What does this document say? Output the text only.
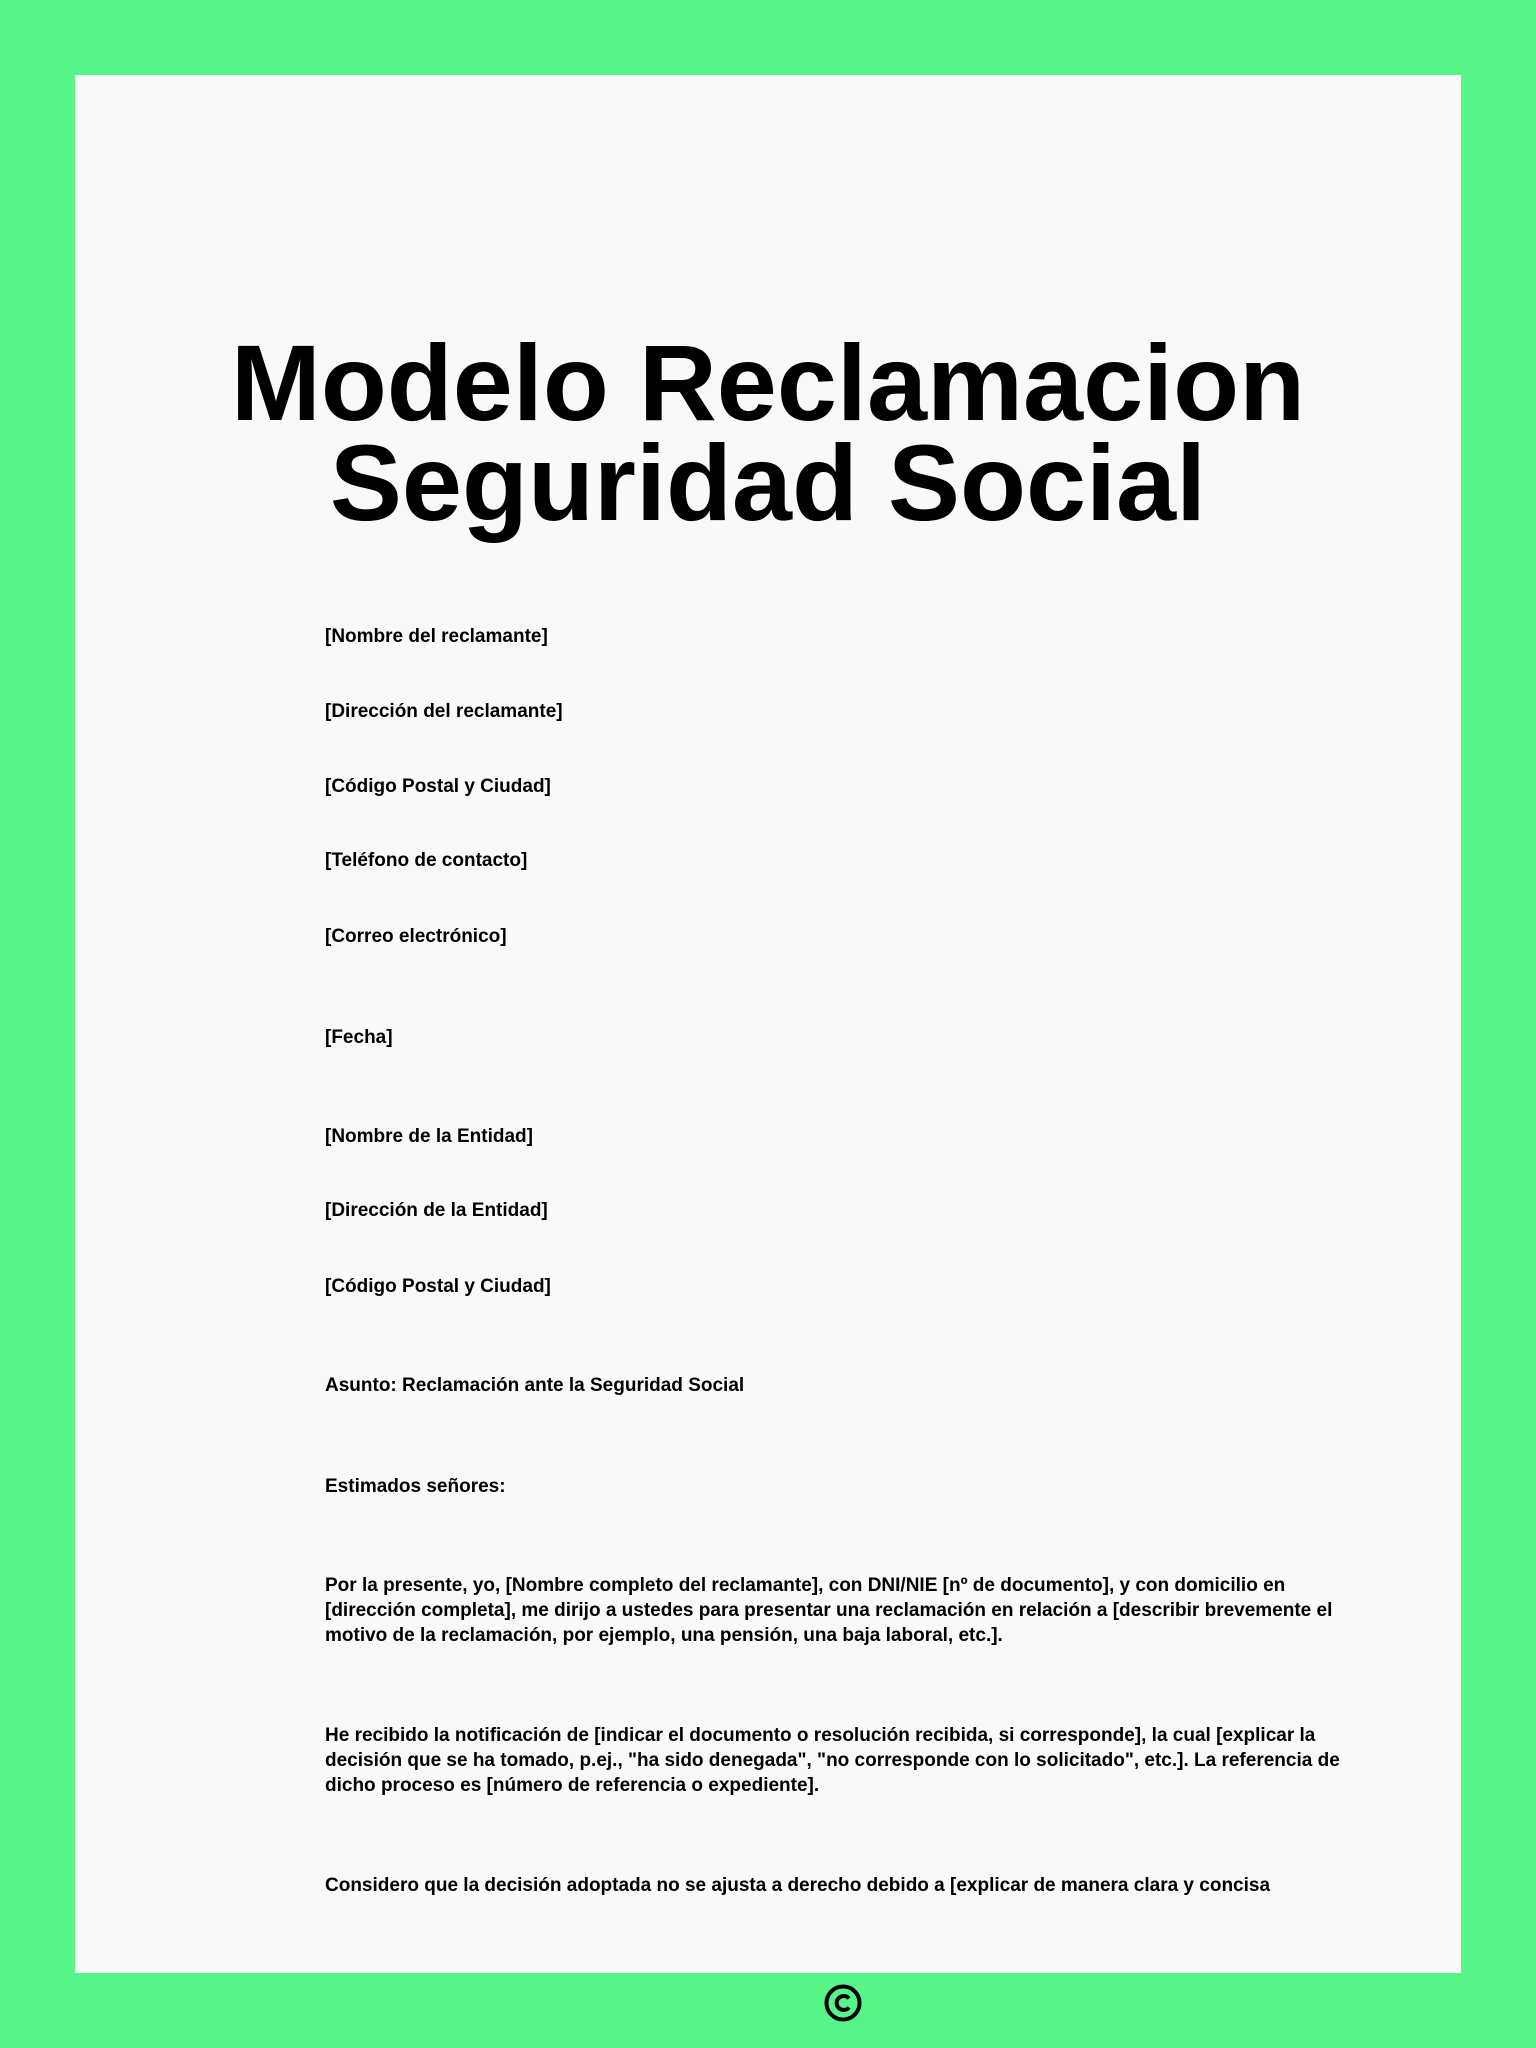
Modelo Reclamacion
Seguridad Social

[Nombre del reclamante]

[Dirección del reclamante]

[Código Postal y Ciudad]

[Teléfono de contacto]

[Correo electrónico]

[Fecha]

[Nombre de la Entidad]

[Dirección de la Entidad]

[Código Postal y Ciudad]

Asunto: Reclamación ante la Seguridad Social

Estimados señores:

Por la presente, yo, [Nombre completo del reclamante], con DNI/NIE [nº de documento], y con domicilio en [dirección completa], me dirijo a ustedes para presentar una reclamación en relación a [describir brevemente el motivo de la reclamación, por ejemplo, una pensión, una baja laboral, etc.].

He recibido la notificación de [indicar el documento o resolución recibida, si corresponde], la cual [explicar la decisión que se ha tomado, p.ej., "ha sido denegada", "no corresponde con lo solicitado", etc.]. La referencia de dicho proceso es [número de referencia o expediente].

Considero que la decisión adoptada no se ajusta a derecho debido a [explicar de manera clara y concisa
